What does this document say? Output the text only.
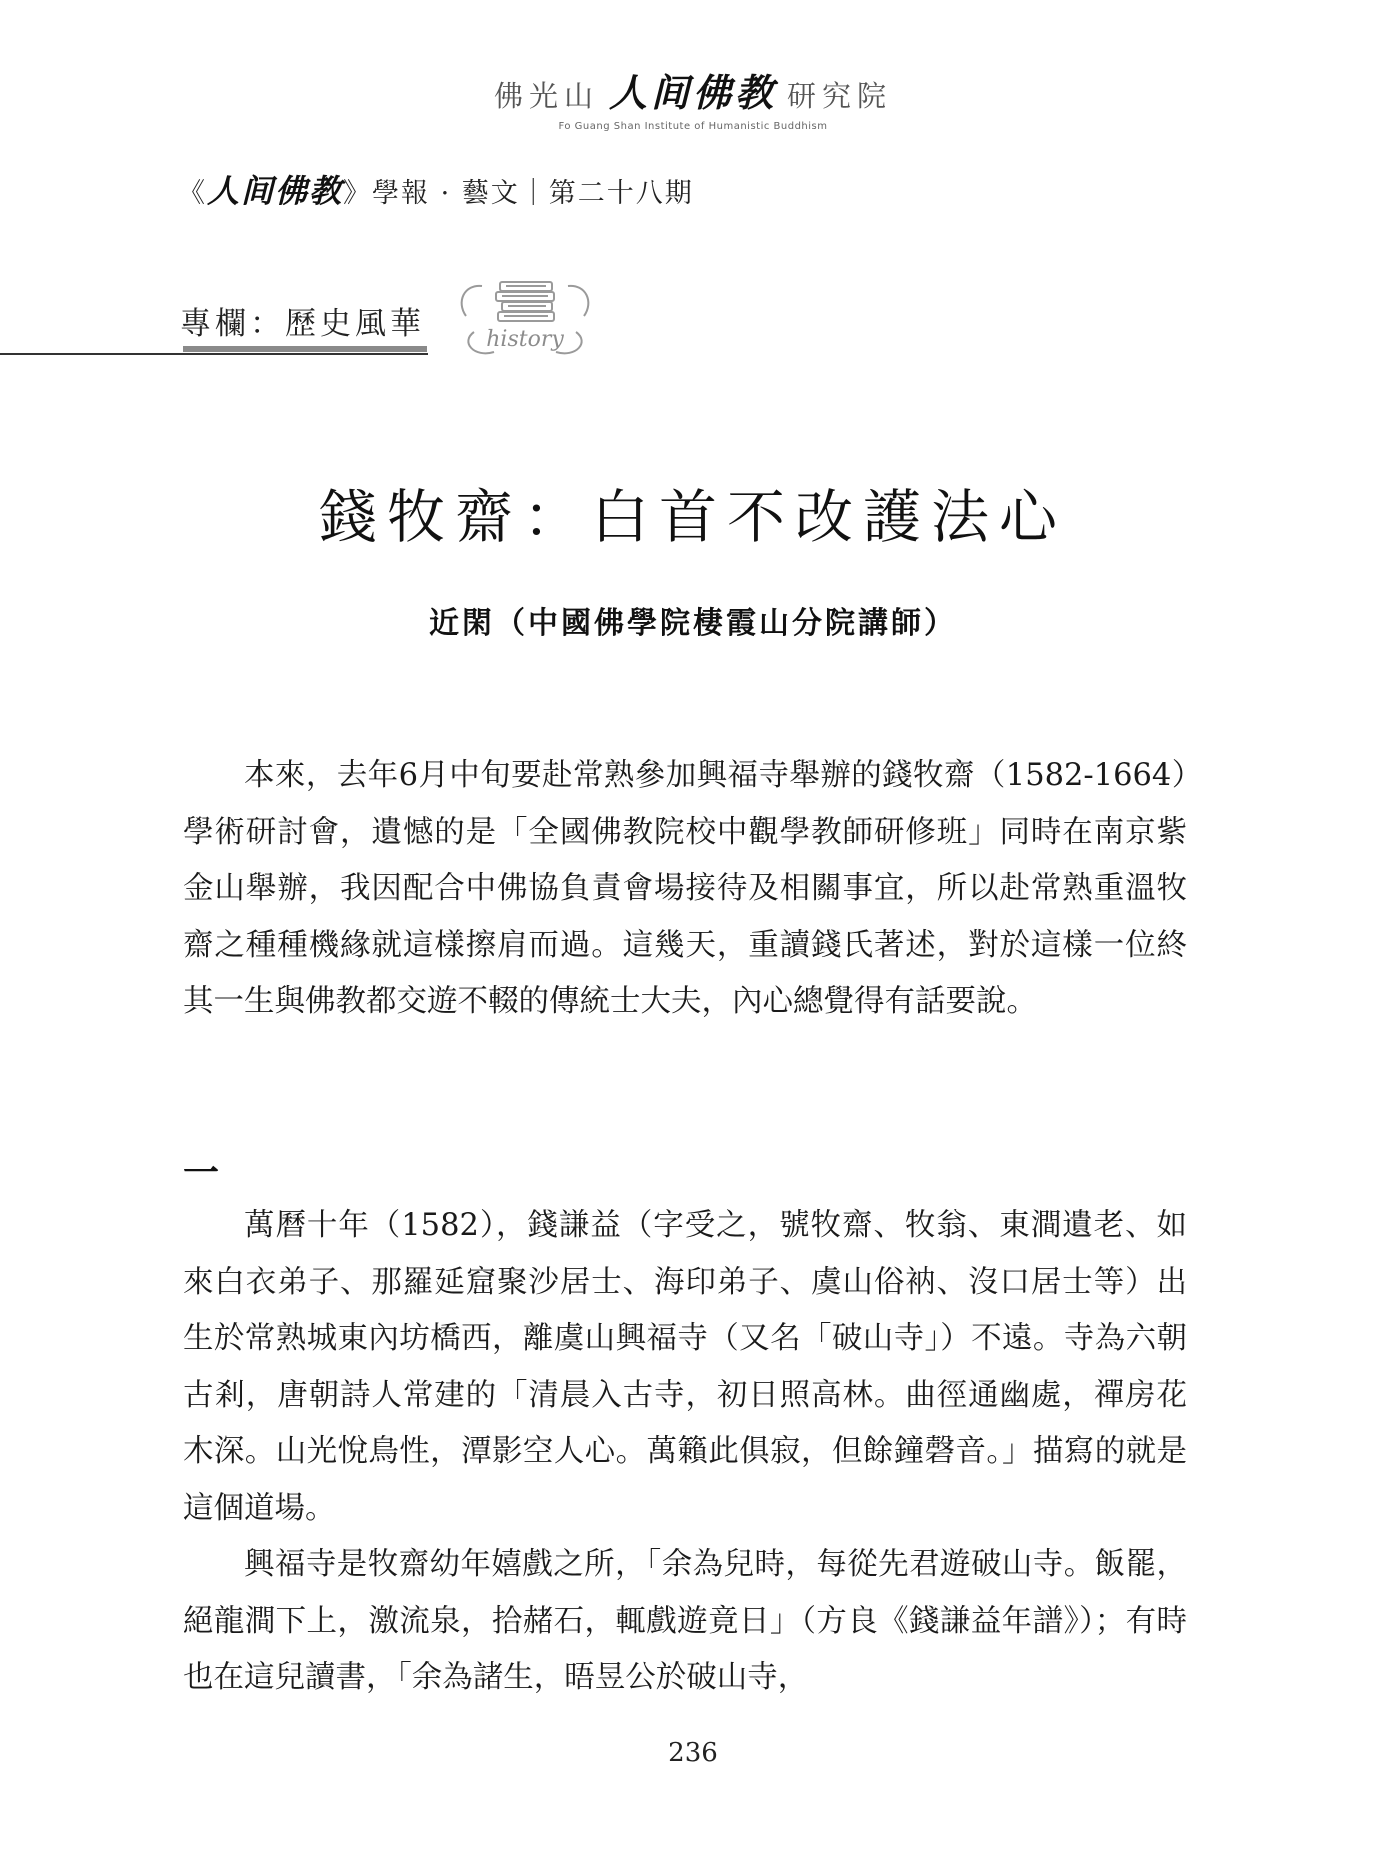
佛光山 人间佛教 研究院
Fo Guang Shan Institute of Humanistic Buddhism
《人间佛教》學報 · 藝文｜第二十八期
專欄：歷史風華	history
錢牧齋：白首不改護法心
近閑（中國佛學院棲霞山分院講師）

本來，去年6月中旬要赴常熟參加興福寺舉辦的錢牧齋（1582-1664）學術研討會，遺憾的是「全國佛教院校中觀學教師研修班」同時在南京紫金山舉辦，我因配合中佛協負責會場接待及相關事宜，所以赴常熟重溫牧齋之種種機緣就這樣擦肩而過。這幾天，重讀錢氏著述，對於這樣一位終其一生與佛教都交遊不輟的傳統士大夫，內心總覺得有話要說。

一

萬曆十年（1582），錢謙益（字受之，號牧齋、牧翁、東澗遺老、如來白衣弟子、那羅延窟聚沙居士、海印弟子、虞山俗衲、沒口居士等）出生於常熟城東內坊橋西，離虞山興福寺（又名「破山寺」）不遠。寺為六朝古剎，唐朝詩人常建的「清晨入古寺，初日照高林。曲徑通幽處，禪房花木深。山光悅鳥性，潭影空人心。萬籟此俱寂，但餘鐘磬音。」描寫的就是這個道場。

興福寺是牧齋幼年嬉戲之所，「余為兒時，每從先君遊破山寺。飯罷，絕龍澗下上，激流泉，拾赭石，輒戲遊竟日」（方良《錢謙益年譜》）；有時也在這兒讀書，「余為諸生，晤昱公於破山寺，

236
